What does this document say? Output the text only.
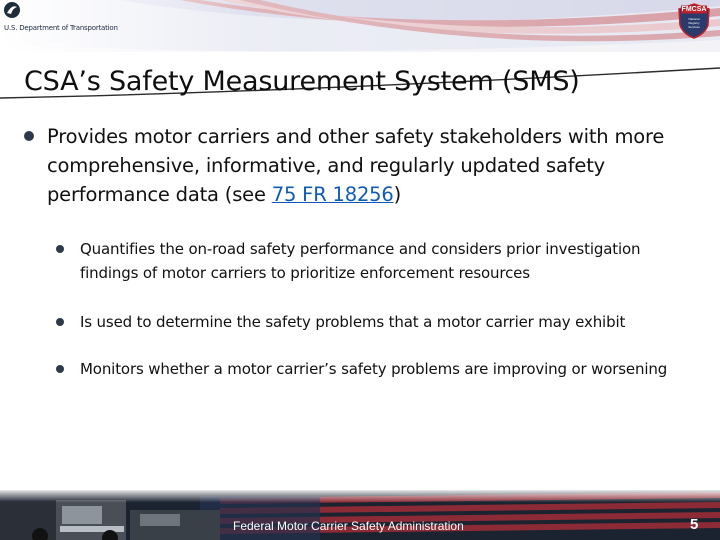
U.S. Department of Transportation
FMCSA
National
Registry
Services
CSA’s Safety Measurement System (SMS)
Provides motor carriers and other safety stakeholders with more comprehensive, informative, and regularly updated safety performance data (see 75 FR 18256)
Quantifies the on-road safety performance and considers prior investigation findings of motor carriers to prioritize enforcement resources
Is used to determine the safety problems that a motor carrier may exhibit
Monitors whether a motor carrier’s safety problems are improving or worsening
Federal Motor Carrier Safety Administration	5
